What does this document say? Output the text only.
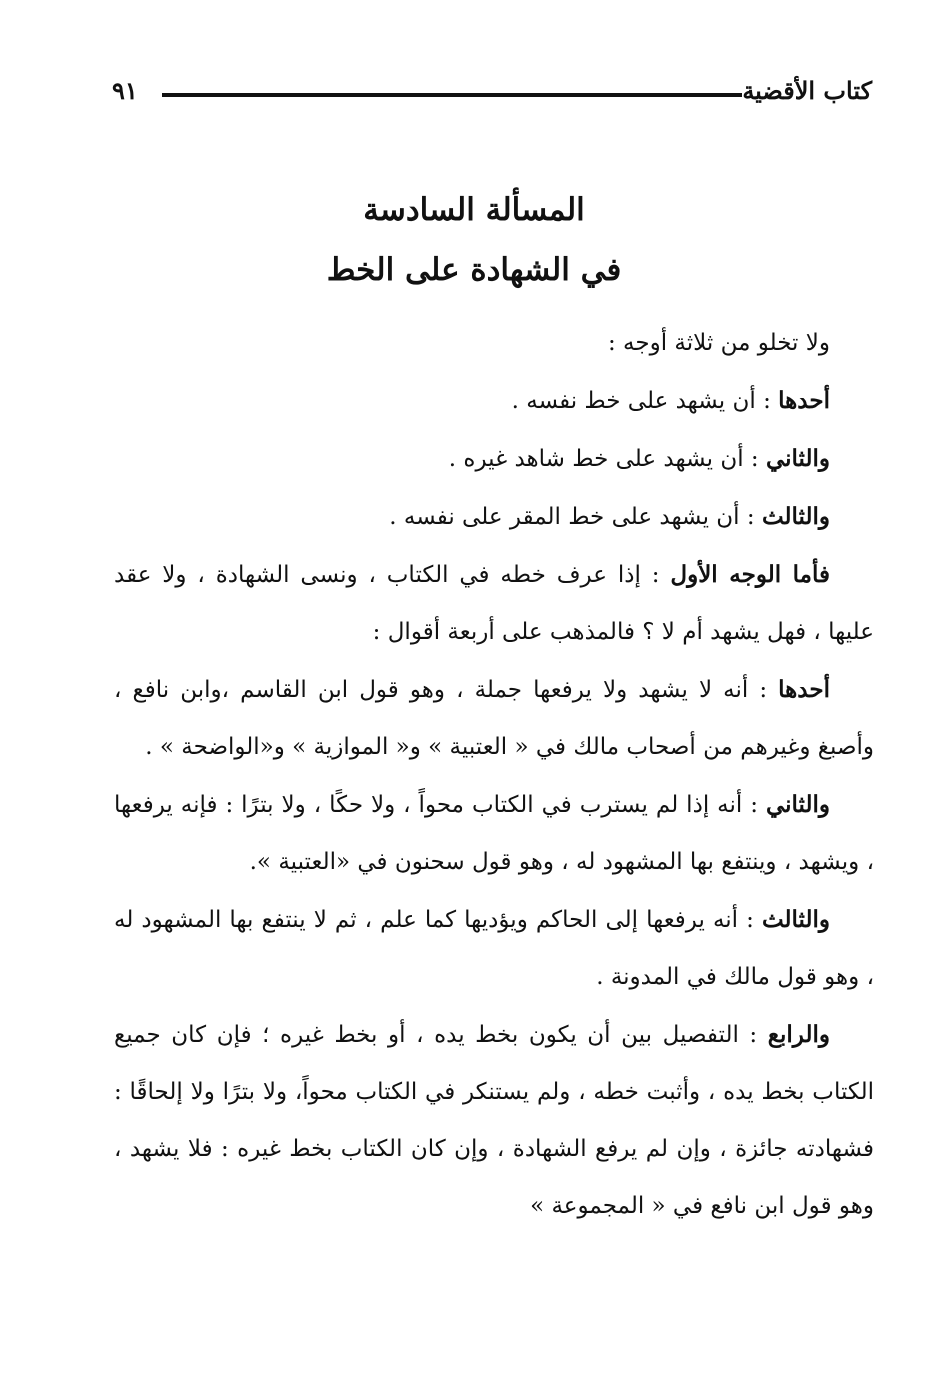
كتاب الأقضية
٩١
المسألة السادسة
في الشهادة على الخط

ولا تخلو من ثلاثة أوجه :

أحدها : أن يشهد على خط نفسه .

والثاني : أن يشهد على خط شاهد غيره .

والثالث : أن يشهد على خط المقر على نفسه .

فأما الوجه الأول : إذا عرف خطه في الكتاب ، ونسى الشهادة ، ولا عقد عليها ، فهل يشهد أم لا ؟ فالمذهب على أربعة أقوال :

أحدها : أنه لا يشهد ولا يرفعها جملة ، وهو قول ابن القاسم ،وابن نافع ، وأصبغ وغيرهم من أصحاب مالك في « العتبية » و« الموازية » و«الواضحة » .

والثاني : أنه إذا لم يسترب في الكتاب محواً ، ولا حكًا ، ولا بترًا : فإنه يرفعها ، ويشهد ، وينتفع بها المشهود له ، وهو قول سحنون في «العتبية ».

والثالث : أنه يرفعها إلى الحاكم ويؤديها كما علم ، ثم لا ينتفع بها المشهود له ، وهو قول مالك في المدونة .

والرابع : التفصيل بين أن يكون بخط يده ، أو بخط غيره ؛ فإن كان جميع الكتاب بخط يده ، وأثبت خطه ، ولم يستنكر في الكتاب محواً، ولا بترًا ولا إلحاقًا : فشهادته جائزة ، وإن لم يرفع الشهادة ، وإن كان الكتاب بخط غيره : فلا يشهد ، وهو قول ابن نافع في « المجموعة »
